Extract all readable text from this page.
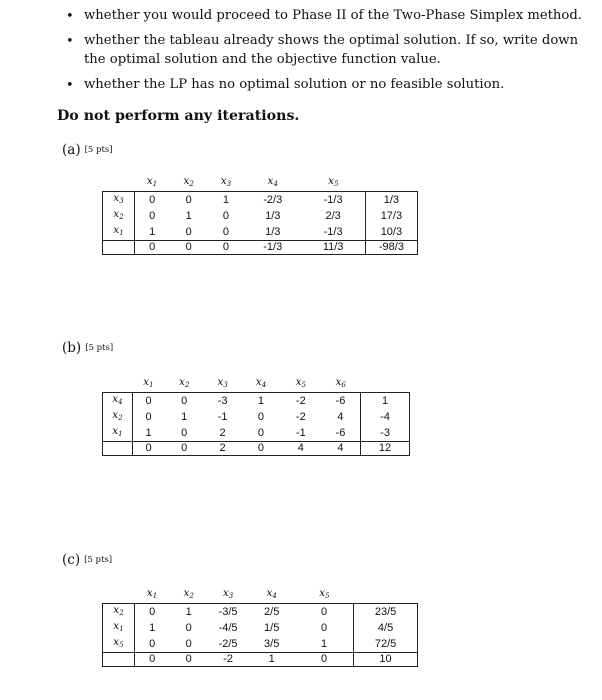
• whether you would proceed to Phase II of the Two-Phase Simplex method.
• whether the tableau already shows the optimal solution. If so, write down the optimal solution and the objective function value.
• whether the LP has no optimal solution or no feasible solution.
Do not perform any iterations.
(a) [5 pts]
	$x_1$	$x_2$	$x_3$	$x_4$	$x_5$	
$x_3$	0	0	1	-2/3	-1/3	1/3
$x_2$	0	1	0	1/3	2/3	17/3
$x_1$	1	0	0	1/3	-1/3	10/3
	0	0	0	-1/3	11/3	-98/3
(b) [5 pts]
	$x_1$	$x_2$	$x_3$	$x_4$	$x_5$	$x_6$	
$x_4$	0	0	-3	1	-2	-6	1
$x_2$	0	1	-1	0	-2	4	-4
$x_1$	1	0	2	0	-1	-6	-3
	0	0	2	0	4	4	12
(c) [5 pts]
	$x_1$	$x_2$	$x_3$	$x_4$	$x_5$	
$x_2$	0	1	-3/5	2/5	0	23/5
$x_1$	1	0	-4/5	1/5	0	4/5
$x_5$	0	0	-2/5	3/5	1	72/5
	0	0	-2	1	0	10
